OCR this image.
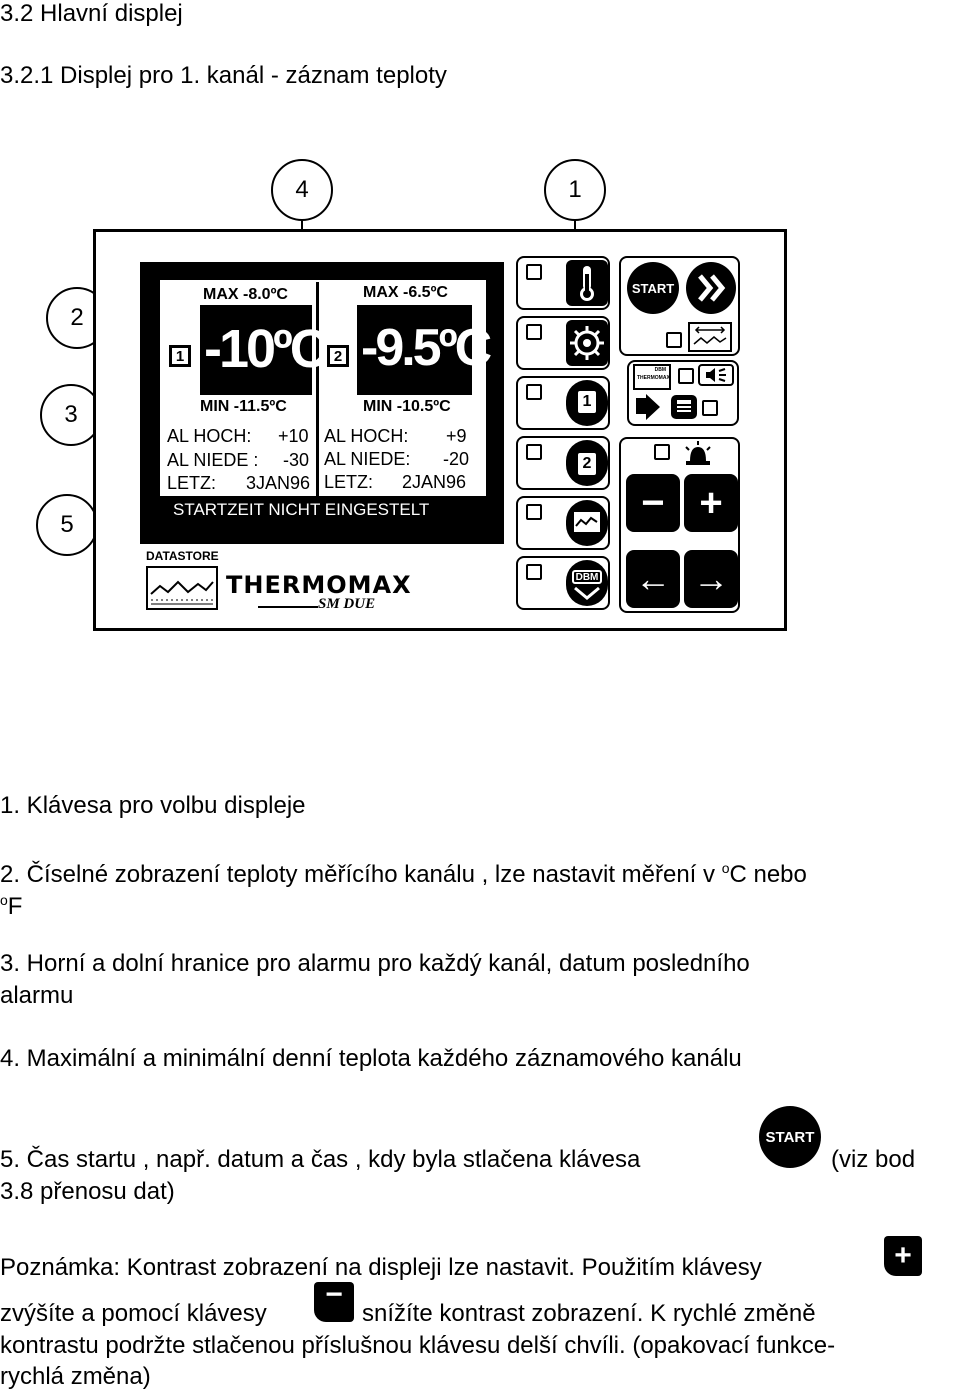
3.2 Hlavní displej
3.2.1 Displej pro 1. kanál - záznam teploty
4	1
2
3
5
MAX -8.0ºC
1 -10ºC
MIN -11.5ºC
AL HOCH: +10
AL NIEDE : -30
LETZ: 3JAN96
MAX -6.5ºC
2 -9.5ºC
MIN -10.5ºC
AL HOCH: +9
AL NIEDE: -20
LETZ: 2JAN96
STARTZEIT NICHT EINGESTELT
DATASTORE
THERMOMAX
SM DUE
1
2
DBM
START
DBM
THERMOMAX
− +
← →
1. Klávesa pro volbu displeje
2. Číselné zobrazení teploty měřícího kanálu , lze nastavit měření v $^o$C nebo
$^o$F
3. Horní a dolní hranice pro alarmu pro každý kanál, datum posledního
alarmu
4. Maximální a minimální denní teplota každého záznamového kanálu
5. Čas startu , např. datum a čas , kdy byla stlačena klávesa
START
(viz bod
3.8 přenosu dat)
Poznámka: Kontrast zobrazení na displeji lze nastavit. Použitím klávesy	+
zvýšíte a pomocí klávesy
−
snížíte kontrast zobrazení. K rychlé změně
kontrastu podržte stlačenou příslušnou klávesu delší chvíli. (opakovací funkce-
rychlá změna)
